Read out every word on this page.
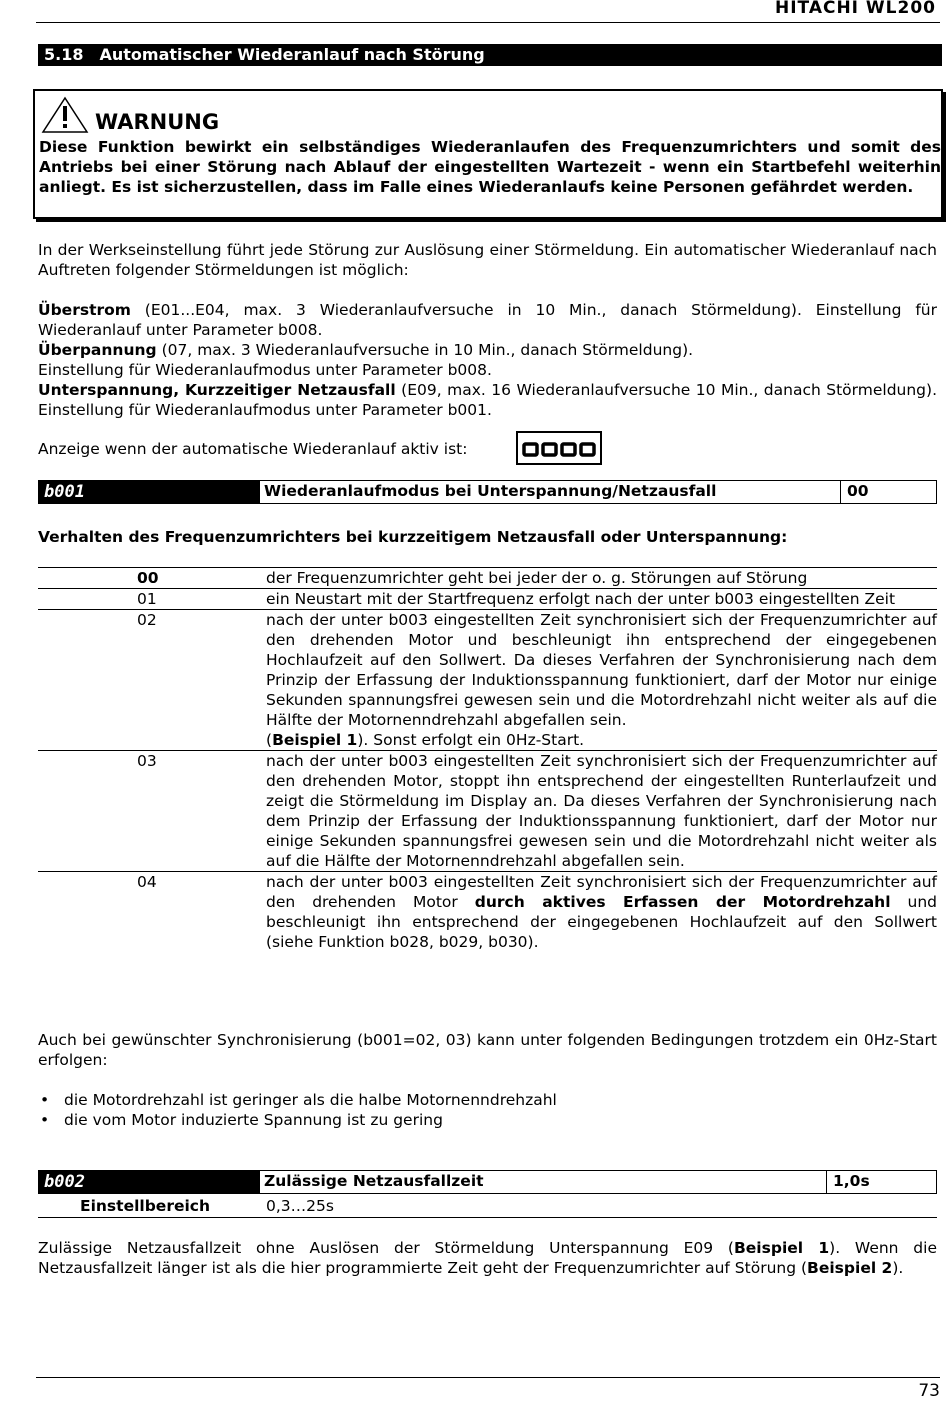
HITACHI WL200
5.18 Automatischer Wiederanlauf nach Störung
WARNUNG
Diese Funktion bewirkt ein selbständiges Wiederanlaufen des Frequenzumrichters und somit des Antriebs bei einer Störung nach Ablauf der eingestellten Wartezeit - wenn ein Startbefehl weiterhin anliegt. Es ist sicherzustellen, dass im Falle eines Wiederanlaufs keine Personen gefährdet werden.

In der Werkseinstellung führt jede Störung zur Auslösung einer Störmeldung. Ein automatischer Wiederanlauf nach Auftreten folgender Störmeldungen ist möglich:

Überstrom (E01...E04, max. 3 Wiederanlaufversuche in 10 Min., danach Störmeldung). Einstellung für Wiederanlauf unter Parameter b008.

Überpannung (07, max. 3 Wiederanlaufversuche in 10 Min., danach Störmeldung).

Einstellung für Wiederanlaufmodus unter Parameter b008.

Unterspannung, Kurzzeitiger Netzausfall (E09, max. 16 Wiederanlaufversuche 10 Min., danach Störmeldung). Einstellung für Wiederanlaufmodus unter Parameter b001.

Anzeige wenn der automatische Wiederanlauf aktiv ist:
b001	Wiederanlaufmodus bei Unterspannung/Netzausfall	00
Verhalten des Frequenzumrichters bei kurzzeitigem Netzausfall oder Unterspannung:
00	der Frequenzumrichter geht bei jeder der o. g. Störungen auf Störung
01	ein Neustart mit der Startfrequenz erfolgt nach der unter b003 eingestellten Zeit
02	nach der unter b003 eingestellten Zeit synchronisiert sich der Frequenzumrichter auf den drehenden Motor und beschleunigt ihn entsprechend der eingegebenen Hochlaufzeit auf den Sollwert. Da dieses Verfahren der Synchronisierung nach dem Prinzip der Erfassung der Induktionsspannung funktioniert, darf der Motor nur einige Sekunden spannungsfrei gewesen sein und die Motordrehzahl nicht weiter als auf die Hälfte der Motornenndrehzahl abgefallen sein.
(Beispiel 1). Sonst erfolgt ein 0Hz-Start.

03	nach der unter b003 eingestellten Zeit synchronisiert sich der Frequenzumrichter auf den drehenden Motor, stoppt ihn entsprechend der eingestellten Runterlaufzeit und zeigt die Störmeldung im Display an. Da dieses Verfahren der Synchronisierung nach dem Prinzip der Erfassung der Induktionsspannung funktioniert, darf der Motor nur einige Sekunden spannungsfrei gewesen sein und die Motordrehzahl nicht weiter als auf die Hälfte der Motornenndrehzahl abgefallen sein.
04	nach der unter b003 eingestellten Zeit synchronisiert sich der Frequenzumrichter auf den drehenden Motor durch aktives Erfassen der Motordrehzahl und beschleunigt ihn entsprechend der eingegebenen Hochlaufzeit auf den Sollwert (siehe Funktion b028, b029, b030).

Auch bei gewünschter Synchronisierung (b001=02, 03) kann unter folgenden Bedingungen trotzdem ein 0Hz-Start erfolgen:

• die Motordrehzahl ist geringer als die halbe Motornenndrehzahl
• die vom Motor induzierte Spannung ist zu gering
b002	Zulässige Netzausfallzeit	1,0s
Einstellbereich	0,3…25s

Zulässige Netzausfallzeit ohne Auslösen der Störmeldung Unterspannung E09 (Beispiel 1). Wenn die Netzausfallzeit länger ist als die hier programmierte Zeit geht der Frequenzumrichter auf Störung (Beispiel 2).

73
